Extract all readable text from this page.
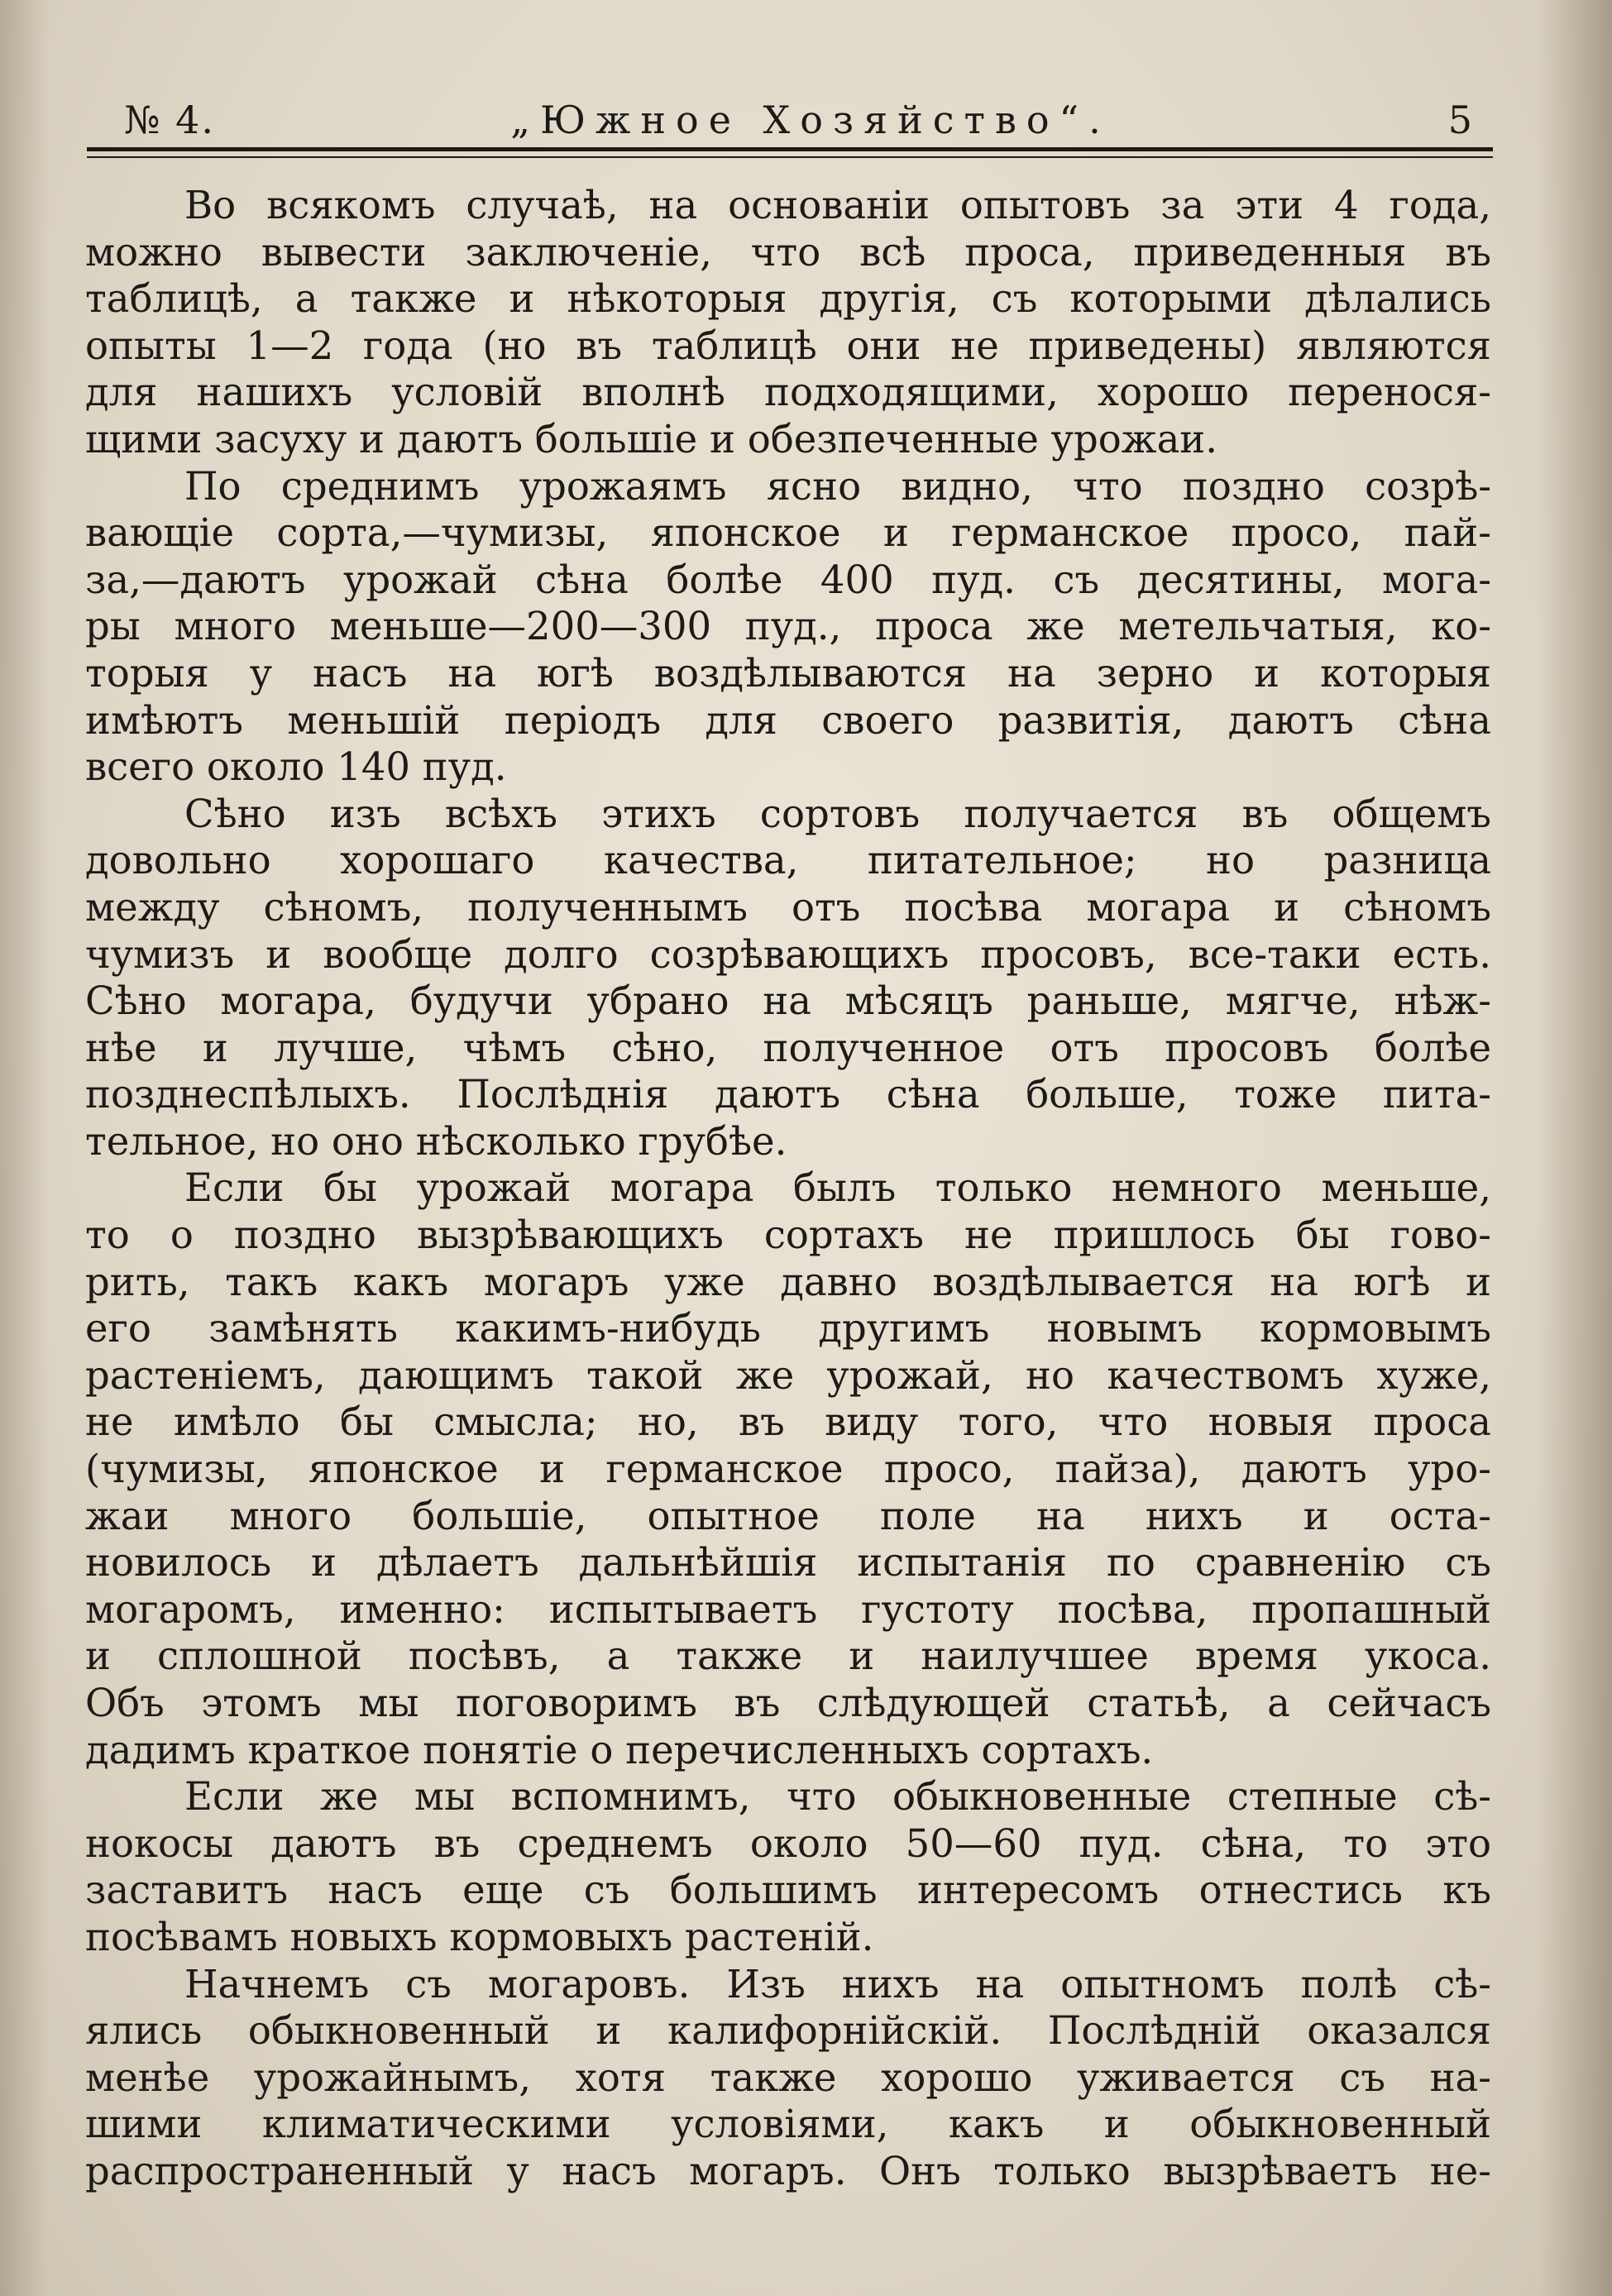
№ 4.	„Южное Хозяйство“.	5
Во всякомъ случаѣ, на основаніи опытовъ за эти 4 года,
можно вывести заключеніе, что всѣ проса, приведенныя въ
таблицѣ, а также и нѣкоторыя другія, съ которыми дѣлались
опыты 1—2 года (но въ таблицѣ они не приведены) являются
для нашихъ условій вполнѣ подходящими, хорошо перенося-
щими засуху и даютъ большіе и обезпеченные урожаи.
По среднимъ урожаямъ ясно видно, что поздно созрѣ-
вающіе сорта,—чумизы, японское и германское просо, пай-
за,—даютъ урожай сѣна болѣе 400 пуд. съ десятины, мога-
ры много меньше—200—300 пуд., проса же метельчатыя, ко-
торыя у насъ на югѣ воздѣлываются на зерно и которыя
имѣютъ меньшій періодъ для своего развитія, даютъ сѣна
всего около 140 пуд.
Сѣно изъ всѣхъ этихъ сортовъ получается въ общемъ
довольно хорошаго качества, питательное; но разница
между сѣномъ, полученнымъ отъ посѣва могара и сѣномъ
чумизъ и вообще долго созрѣвающихъ просовъ, все-таки есть.
Сѣно могара, будучи убрано на мѣсяцъ раньше, мягче, нѣж-
нѣе и лучше, чѣмъ сѣно, полученное отъ просовъ болѣе
позднеспѣлыхъ. Послѣднія даютъ сѣна больше, тоже пита-
тельное, но оно нѣсколько грубѣе.
Если бы урожай могара былъ только немного меньше,
то о поздно вызрѣвающихъ сортахъ не пришлось бы гово-
рить, такъ какъ могаръ уже давно воздѣлывается на югѣ и
его замѣнять какимъ-нибудь другимъ новымъ кормовымъ
растеніемъ, дающимъ такой же урожай, но качествомъ хуже,
не имѣло бы смысла; но, въ виду того, что новыя проса
(чумизы, японское и германское просо, пайза), даютъ уро-
жаи много большіе, опытное поле на нихъ и оста-
новилось и дѣлаетъ дальнѣйшія испытанія по сравненію съ
могаромъ, именно: испытываетъ густоту посѣва, пропашный
и сплошной посѣвъ, а также и наилучшее время укоса.
Объ этомъ мы поговоримъ въ слѣдующей статьѣ, а сейчасъ
дадимъ краткое понятіе о перечисленныхъ сортахъ.
Если же мы вспомнимъ, что обыкновенные степные сѣ-
нокосы даютъ въ среднемъ около 50—60 пуд. сѣна, то это
заставитъ насъ еще съ большимъ интересомъ отнестись къ
посѣвамъ новыхъ кормовыхъ растеній.
Начнемъ съ могаровъ. Изъ нихъ на опытномъ полѣ сѣ-
ялись обыкновенный и калифорнійскій. Послѣдній оказался
менѣе урожайнымъ, хотя также хорошо уживается съ на-
шими климатическими условіями, какъ и обыкновенный
распространенный у насъ могаръ. Онъ только вызрѣваетъ не-
